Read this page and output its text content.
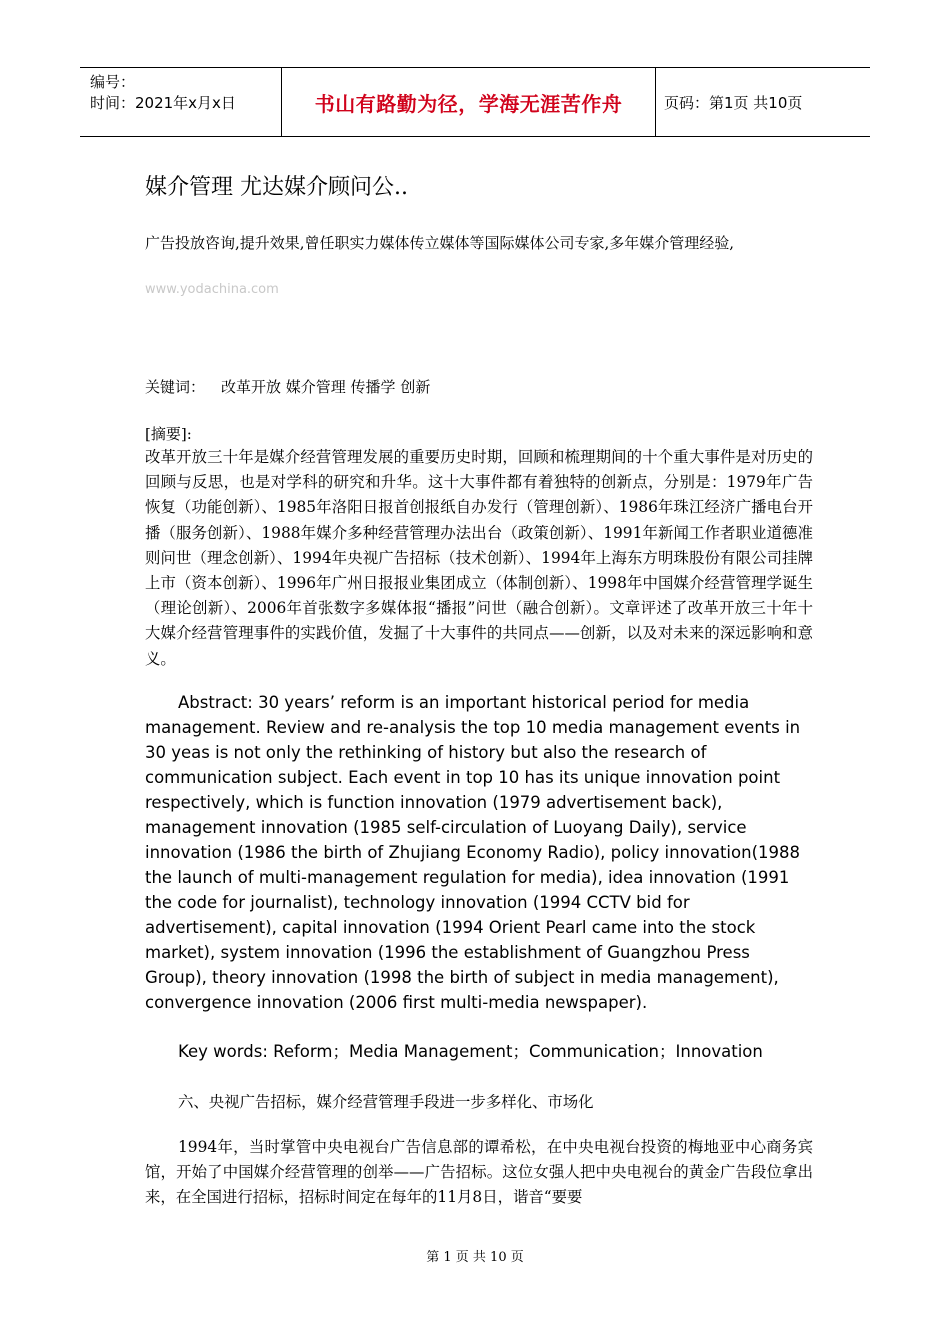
编号：
时间：2021年x月x日	书山有路勤为径，学海无涯苦作舟	页码：第1页 共10页
媒介管理 尤达媒介顾问公..
广告投放咨询,提升效果,曾任职实力媒体传立媒体等国际媒体公司专家,多年媒介管理经验,
www.yodachina.com
关键词： 改革开放 媒介管理 传播学 创新
[摘要]:
改革开放三十年是媒介经营管理发展的重要历史时期，回顾和梳理期间的十个重大事件是对历史的回顾与反思，也是对学科的研究和升华。这十大事件都有着独特的创新点，分别是：1979年广告恢复（功能创新）、1985年洛阳日报首创报纸自办发行（管理创新）、1986年珠江经济广播电台开播（服务创新）、1988年媒介多种经营管理办法出台（政策创新）、1991年新闻工作者职业道德准则问世（理念创新）、1994年央视广告招标（技术创新）、1994年上海东方明珠股份有限公司挂牌上市（资本创新）、1996年广州日报报业集团成立（体制创新）、1998年中国媒介经营管理学诞生（理论创新）、2006年首张数字多媒体报“播报”问世（融合创新）。文章评述了改革开放三十年十大媒介经营管理事件的实践价值，发掘了十大事件的共同点——创新，以及对未来的深远影响和意义。
Abstract: 30 years’ reform is an important historical period for media management. Review and re-analysis the top 10 media management events in 30 yeas is not only the rethinking of history but also the research of communication subject. Each event in top 10 has its unique innovation point respectively, which is function innovation (1979 advertisement back), management innovation (1985 self-circulation of Luoyang Daily), service innovation (1986 the birth of Zhujiang Economy Radio), policy innovation(1988 the launch of multi-management regulation for media), idea innovation (1991 the code for journalist), technology innovation (1994 CCTV bid for advertisement), capital innovation (1994 Orient Pearl came into the stock market), system innovation (1996 the establishment of Guangzhou Press Group), theory innovation (1998 the birth of subject in media management), convergence innovation (2006 first multi-media newspaper).
Key words: Reform；Media Management；Communication；Innovation
六、央视广告招标，媒介经营管理手段进一步多样化、市场化
1994年，当时掌管中央电视台广告信息部的谭希松，在中央电视台投资的梅地亚中心商务宾馆，开始了中国媒介经营管理的创举——广告招标。这位女强人把中央电视台的黄金广告段位拿出来，在全国进行招标，招标时间定在每年的11月8日，谐音“要要
第 1 页 共 10 页
